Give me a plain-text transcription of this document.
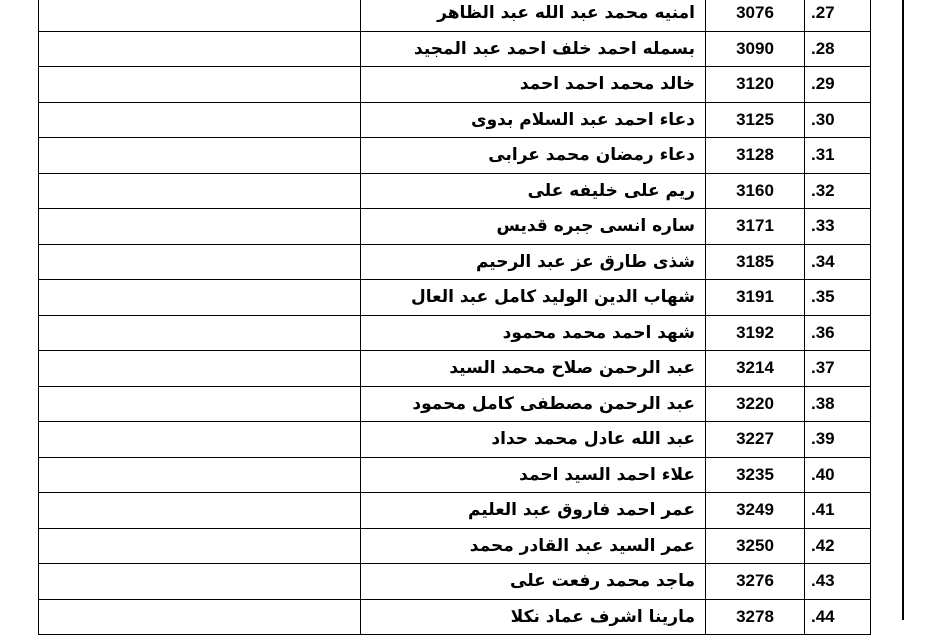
	امنيه محمد عبد الله عبد الظاهر	3076	.27
	بسمله احمد خلف احمد عبد المجيد	3090	.28
	خالد محمد احمد احمد	3120	.29
	دعاء احمد عبد السلام بدوى	3125	.30
	دعاء رمضان محمد عرابى	3128	.31
	ريم على خليفه على	3160	.32
	ساره انسى جبره قديس	3171	.33
	شذى طارق عز عبد الرحيم	3185	.34
	شهاب الدين الوليد كامل عبد العال	3191	.35
	شهد احمد محمد محمود	3192	.36
	عبد الرحمن صلاح محمد السيد	3214	.37
	عبد الرحمن مصطفى كامل محمود	3220	.38
	عبد الله عادل محمد حداد	3227	.39
	علاء احمد السيد احمد	3235	.40
	عمر احمد فاروق عبد العليم	3249	.41
	عمر السيد عبد القادر محمد	3250	.42
	ماجد محمد رفعت على	3276	.43
	مارينا اشرف عماد نكلا	3278	.44
